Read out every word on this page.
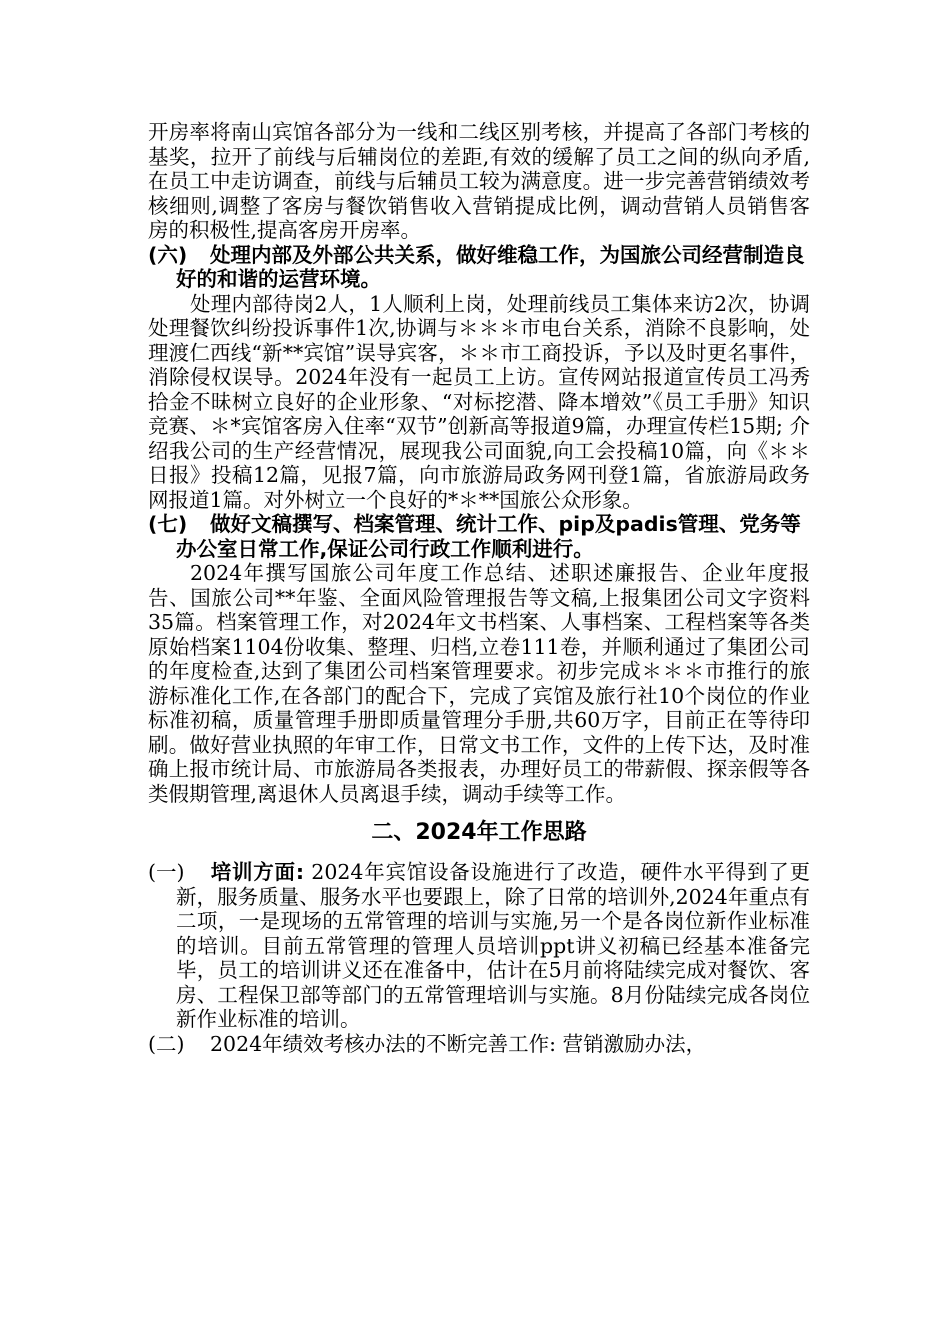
开房率将南山宾馆各部分为一线和二线区别考核，并提高了各部门考核的基奖，拉开了前线与后辅岗位的差距,有效的缓解了员工之间的纵向矛盾,在员工中走访调查，前线与后辅员工较为满意度。进一步完善营销绩效考核细则,调整了客房与餐饮销售收入营销提成比例，调动营销人员销售客房的积极性,提高客房开房率。

(六) 处理内部及外部公共关系，做好维稳工作，为国旅公司经营制造良好的和谐的运营环境。

处理内部待岗2人，1人顺利上岗，处理前线员工集体来访2次，协调处理餐饮纠纷投诉事件1次,协调与＊＊＊市电台关系，消除不良影响，处理渡仁西线“新**宾馆”误导宾客，＊＊市工商投诉，予以及时更名事件，消除侵权误导。2024年没有一起员工上访。宣传网站报道宣传员工冯秀拾金不昧树立良好的企业形象、“对标挖潜、降本增效”《员工手册》知识竞赛、＊*宾馆客房入住率“双节”创新高等报道9篇，办理宣传栏15期; 介绍我公司的生产经营情况，展现我公司面貌,向工会投稿10篇，向《＊＊日报》投稿12篇，见报7篇，向市旅游局政务网刊登1篇，省旅游局政务网报道1篇。对外树立一个良好的*＊**国旅公众形象。

(七) 做好文稿撰写、档案管理、统计工作、pip及padis管理、党务等办公室日常工作,保证公司行政工作顺利进行。

2024年撰写国旅公司年度工作总结、述职述廉报告、企业年度报告、国旅公司**年鉴、全面风险管理报告等文稿,上报集团公司文字资料35篇。档案管理工作，对2024年文书档案、人事档案、工程档案等各类原始档案1104份收集、整理、归档,立卷111卷，并顺利通过了集团公司的年度检查,达到了集团公司档案管理要求。初步完成＊＊＊市推行的旅游标准化工作,在各部门的配合下，完成了宾馆及旅行社10个岗位的作业标准初稿，质量管理手册即质量管理分手册,共60万字，目前正在等待印刷。做好营业执照的年审工作，日常文书工作，文件的上传下达，及时准确上报市统计局、市旅游局各类报表，办理好员工的带薪假、探亲假等各类假期管理,离退休人员离退手续，调动手续等工作。

二、2024年工作思路

(一) 培训方面: 2024年宾馆设备设施进行了改造，硬件水平得到了更新，服务质量、服务水平也要跟上，除了日常的培训外,2024年重点有二项，一是现场的五常管理的培训与实施,另一个是各岗位新作业标准的培训。目前五常管理的管理人员培训ppt讲义初稿已经基本准备完毕，员工的培训讲义还在准备中，估计在5月前将陆续完成对餐饮、客房、工程保卫部等部门的五常管理培训与实施。8月份陆续完成各岗位新作业标准的培训。

(二) 2024年绩效考核办法的不断完善工作: 营销激励办法，
